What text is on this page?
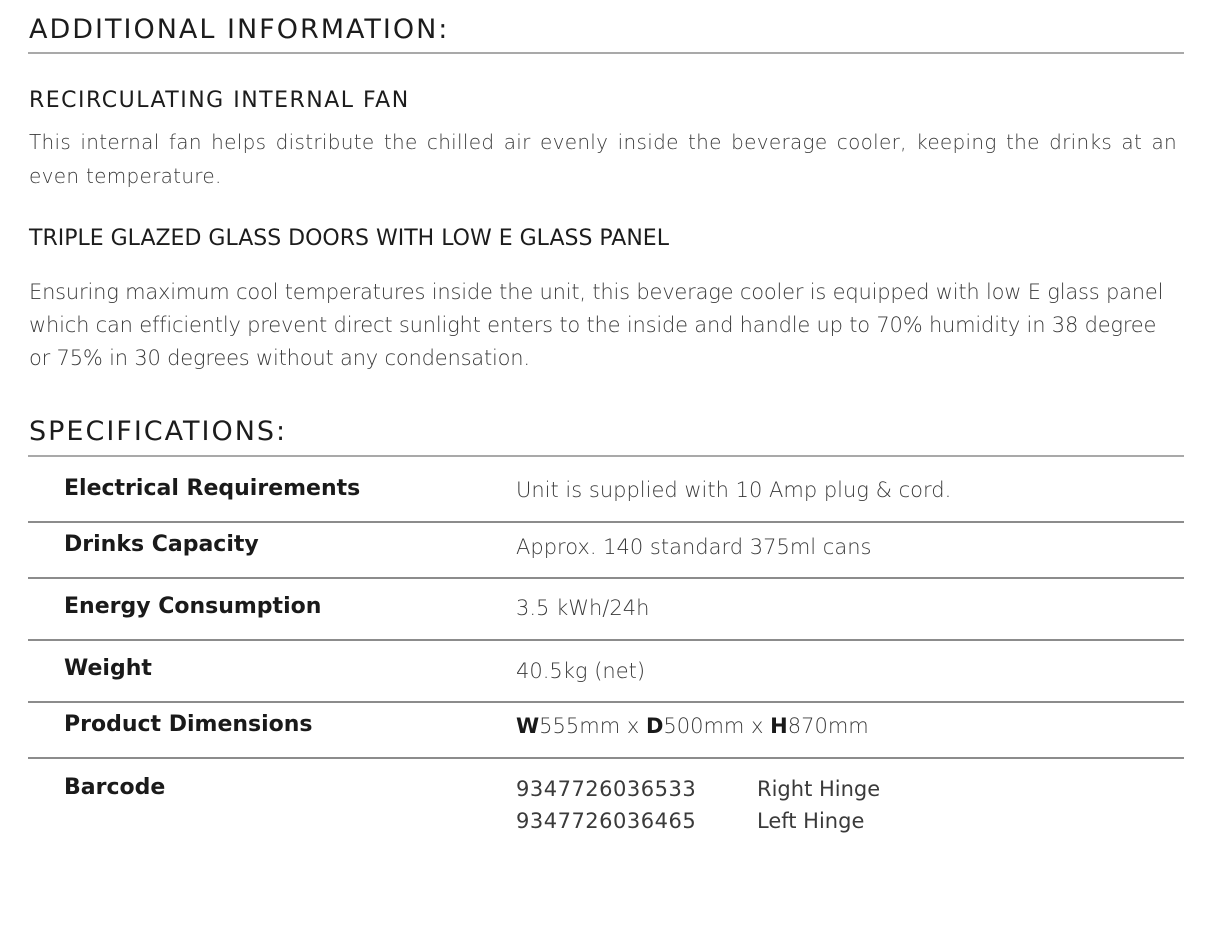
ADDITIONAL INFORMATION:
RECIRCULATING INTERNAL FAN

This internal fan helps distribute the chilled air evenly inside the beverage cooler, keeping the drinks at an even temperature.

TRIPLE GLAZED GLASS DOORS WITH LOW E GLASS PANEL

Ensuring maximum cool temperatures inside the unit, this beverage cooler is equipped with low E glass panel which can efficiently prevent direct sunlight enters to the inside and handle up to 70% humidity in 38 degree or 75% in 30 degrees without any condensation.

SPECIFICATIONS:
Electrical Requirements	Unit is supplied with 10 Amp plug & cord.
Drinks Capacity	Approx. 140 standard 375ml cans
Energy Consumption	3.5 kWh/24h
Weight	40.5kg (net)
Product Dimensions	W555mm x D500mm x H870mm
Barcode	9347726036533	Right Hinge
9347726036465	Left Hinge
